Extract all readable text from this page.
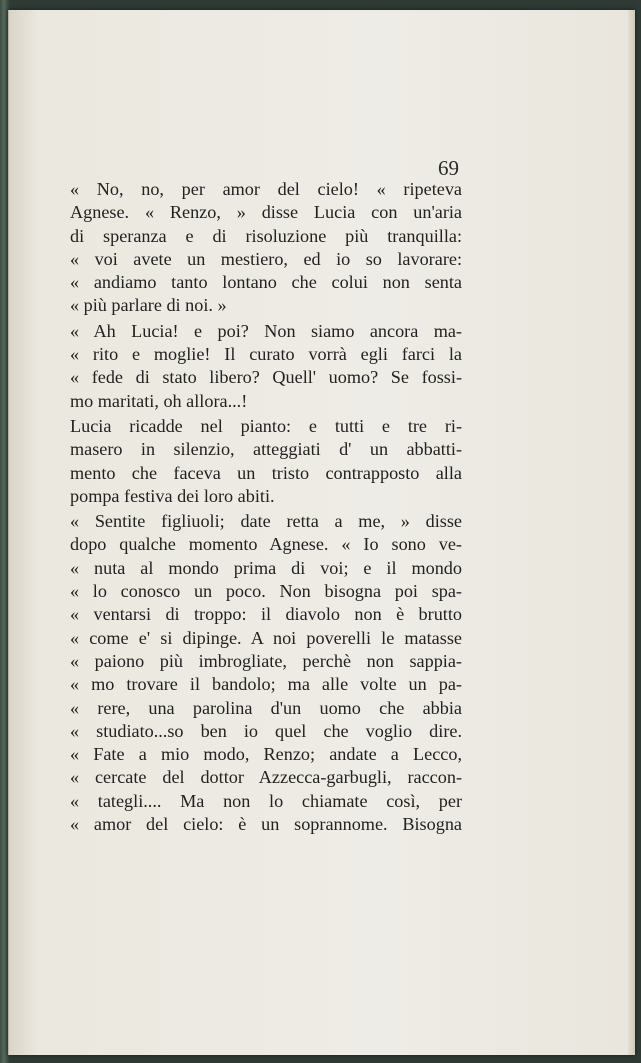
69
« No, no, per amor del cielo! « ripeteva
Agnese. « Renzo, » disse Lucia con un'aria
di speranza e di risoluzione più tranquilla:
« voi avete un mestiero, ed io so lavorare:
« andiamo tanto lontano che colui non senta
« più parlare di noi. »
« Ah Lucia! e poi? Non siamo ancora ma-
« rito e moglie! Il curato vorrà egli farci la
« fede di stato libero? Quell' uomo? Se fossi-
mo maritati, oh allora...!
Lucia ricadde nel pianto: e tutti e tre ri-
masero in silenzio, atteggiati d' un abbatti-
mento che faceva un tristo contrapposto alla
pompa festiva dei loro abiti.
« Sentite figliuoli; date retta a me, » disse
dopo qualche momento Agnese. « Io sono ve-
« nuta al mondo prima di voi; e il mondo
« lo conosco un poco. Non bisogna poi spa-
« ventarsi di troppo: il diavolo non è brutto
« come e' si dipinge. A noi poverelli le matasse
« paiono più imbrogliate, perchè non sappia-
« mo trovare il bandolo; ma alle volte un pa-
« rere, una parolina d'un uomo che abbia
« studiato...so ben io quel che voglio dire.
« Fate a mio modo, Renzo; andate a Lecco,
« cercate del dottor Azzecca-garbugli, raccon-
« tategli.... Ma non lo chiamate così, per
« amor del cielo: è un soprannome. Bisogna
